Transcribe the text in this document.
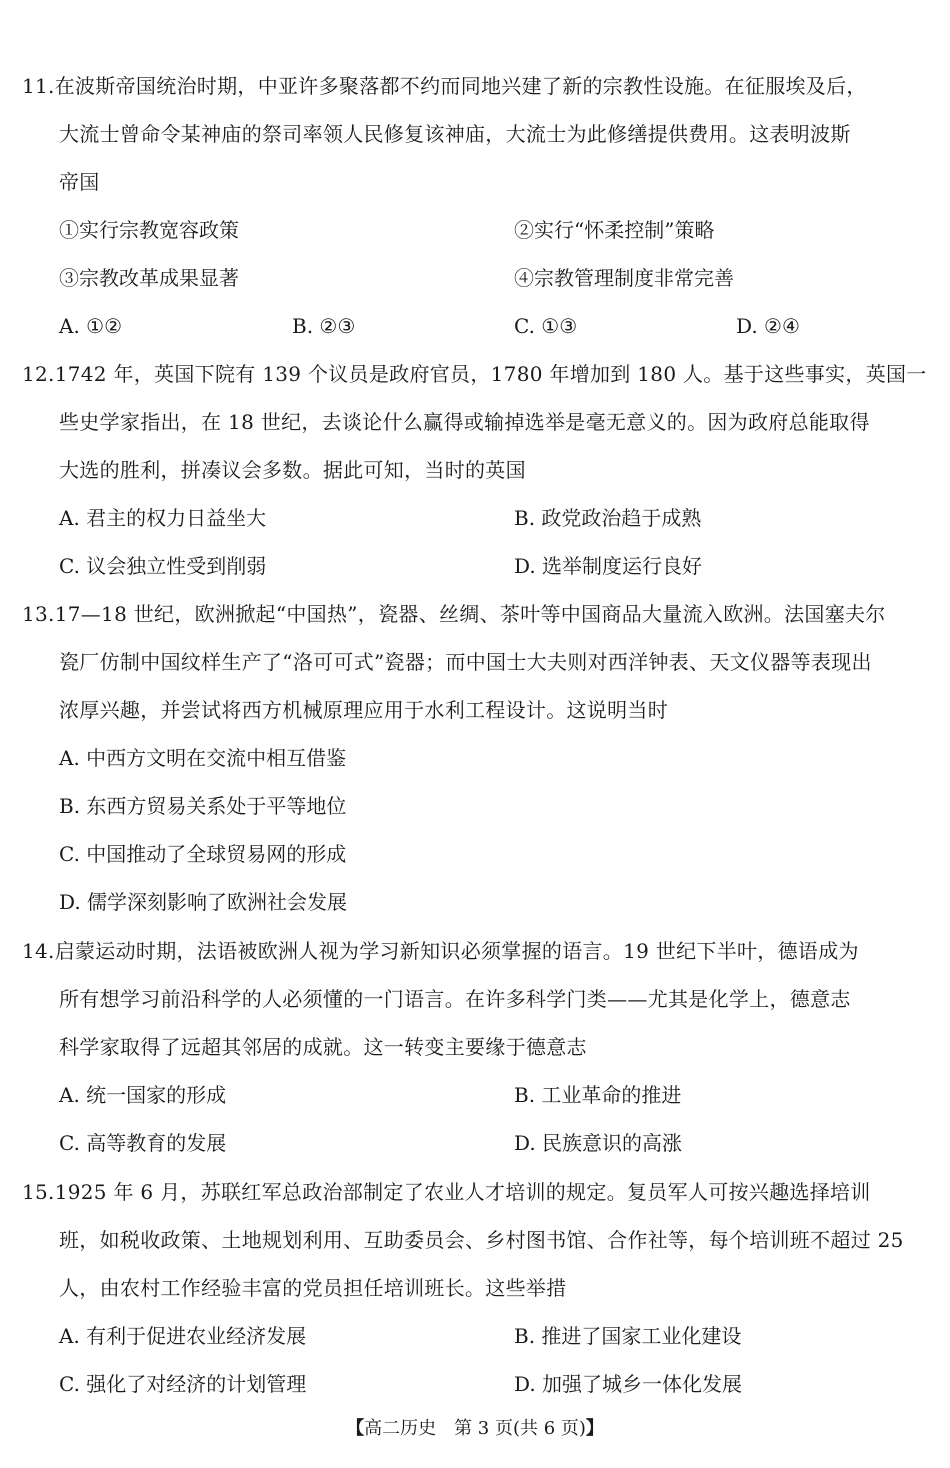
11.在波斯帝国统治时期，中亚许多聚落都不约而同地兴建了新的宗教性设施。在征服埃及后，
大流士曾命令某神庙的祭司率领人民修复该神庙，大流士为此修缮提供费用。这表明波斯
帝国
①实行宗教宽容政策	②实行“怀柔控制”策略
③宗教改革成果显著	④宗教管理制度非常完善
A. ①②	B. ②③	C. ①③	D. ②④
12.1742 年，英国下院有 139 个议员是政府官员，1780 年增加到 180 人。基于这些事实，英国一
些史学家指出，在 18 世纪，去谈论什么赢得或输掉选举是毫无意义的。因为政府总能取得
大选的胜利，拼凑议会多数。据此可知，当时的英国
A. 君主的权力日益坐大	B. 政党政治趋于成熟
C. 议会独立性受到削弱	D. 选举制度运行良好
13.17—18 世纪，欧洲掀起“中国热”，瓷器、丝绸、茶叶等中国商品大量流入欧洲。法国塞夫尔
瓷厂仿制中国纹样生产了“洛可可式”瓷器；而中国士大夫则对西洋钟表、天文仪器等表现出
浓厚兴趣，并尝试将西方机械原理应用于水利工程设计。这说明当时
A. 中西方文明在交流中相互借鉴
B. 东西方贸易关系处于平等地位
C. 中国推动了全球贸易网的形成
D. 儒学深刻影响了欧洲社会发展
14.启蒙运动时期，法语被欧洲人视为学习新知识必须掌握的语言。19 世纪下半叶，德语成为
所有想学习前沿科学的人必须懂的一门语言。在许多科学门类——尤其是化学上，德意志
科学家取得了远超其邻居的成就。这一转变主要缘于德意志
A. 统一国家的形成	B. 工业革命的推进
C. 高等教育的发展	D. 民族意识的高涨
15.1925 年 6 月，苏联红军总政治部制定了农业人才培训的规定。复员军人可按兴趣选择培训
班，如税收政策、土地规划利用、互助委员会、乡村图书馆、合作社等，每个培训班不超过 25
人，由农村工作经验丰富的党员担任培训班长。这些举措
A. 有利于促进农业经济发展	B. 推进了国家工业化建设
C. 强化了对经济的计划管理	D. 加强了城乡一体化发展
【高二历史　第 3 页(共 6 页)】
